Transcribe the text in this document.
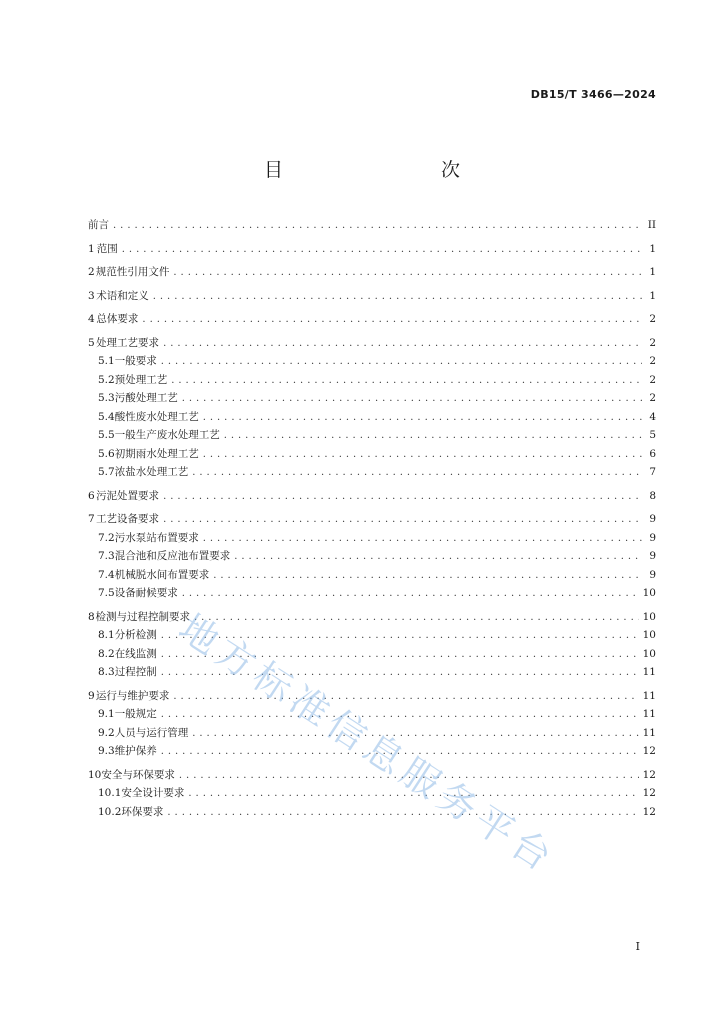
DB15/T 3466—2024
目　　次
前言 . . .	II
1 范围 . . .	1
2 规范性引用文件 . . .	1
3 术语和定义 . . .	1
4 总体要求 . . .	2
5 处理工艺要求 . . .	2
5.1 一般要求 . . .	2
5.2 预处理工艺 . . .	2
5.3 污酸处理工艺 . . .	2
5.4 酸性废水处理工艺 . . .	4
5.5 一般生产废水处理工艺 . . .	5
5.6 初期雨水处理工艺 . . .	6
5.7 浓盐水处理工艺 . . .	7
6 污泥处置要求 . . .	8
7 工艺设备要求 . . .	9
7.2 污水泵站布置要求 . . .	9
7.3 混合池和反应池布置要求 . . .	9
7.4 机械脱水间布置要求 . . .	9
7.5 设备耐候要求 . . .	10
8 检测与过程控制要求 . . .	10
8.1 分析检测 . . .	10
8.2 在线监测 . . .	10
8.3 过程控制 . . .	11
9 运行与维护要求 . . .	11
9.1 一般规定 . . .	11
9.2 人员与运行管理 . . .	11
9.3 维护保养 . . .	12
10 安全与环保要求 . . .	12
10.1 安全设计要求 . . .	12
10.2 环保要求 . . .	12
地方标准信息服务平台
I
